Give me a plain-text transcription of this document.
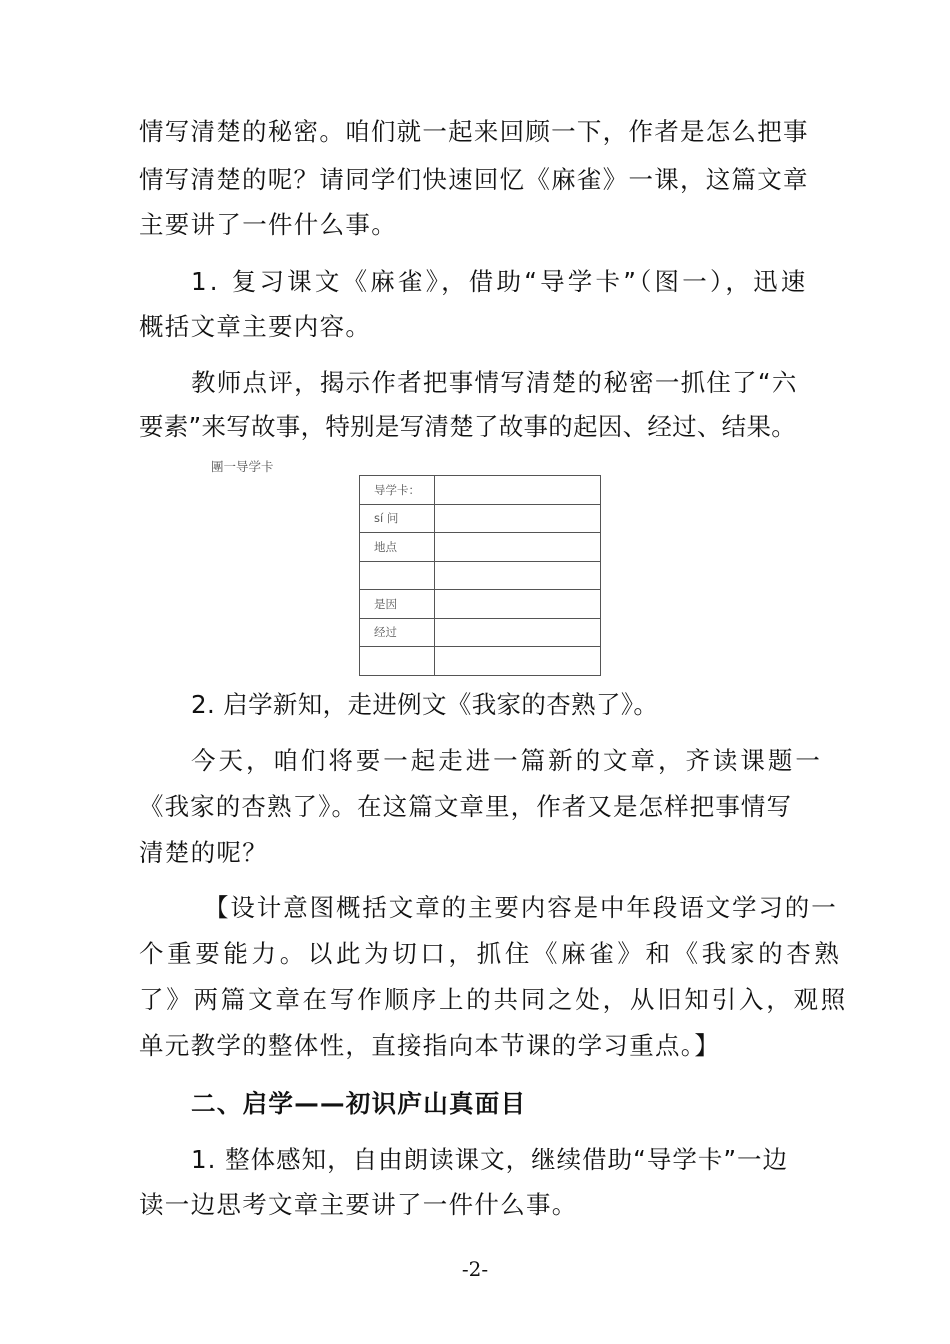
情写清楚的秘密。咱们就一起来回顾一下，作者是怎么把事
情写清楚的呢？请同学们快速回忆《麻雀》一课，这篇文章
主要讲了一件什么事。
1. 复习课文《麻雀》，借助“导学卡”（图一），迅速
概括文章主要内容。
教师点评，揭示作者把事情写清楚的秘密一抓住了“六
要素”来写故事，特别是写清楚了故事的起因、经过、结果。
團一导学卡
导学卡：	
sí 问	
地点	

是因	
经过	

2. 启学新知，走进例文《我家的杏熟了》。
今天，咱们将要一起走进一篇新的文章，齐读课题一
《我家的杏熟了》。在这篇文章里，作者又是怎样把事情写
清楚的呢？
【设计意图概括文章的主要内容是中年段语文学习的一
个重要能力。以此为切口，抓住《麻雀》和《我家的杏熟
了》两篇文章在写作顺序上的共同之处，从旧知引入，观照
单元教学的整体性，直接指向本节课的学习重点。】
二、启学——初识庐山真面目
1. 整体感知，自由朗读课文，继续借助“导学卡”一边
读一边思考文章主要讲了一件什么事。
-2-
